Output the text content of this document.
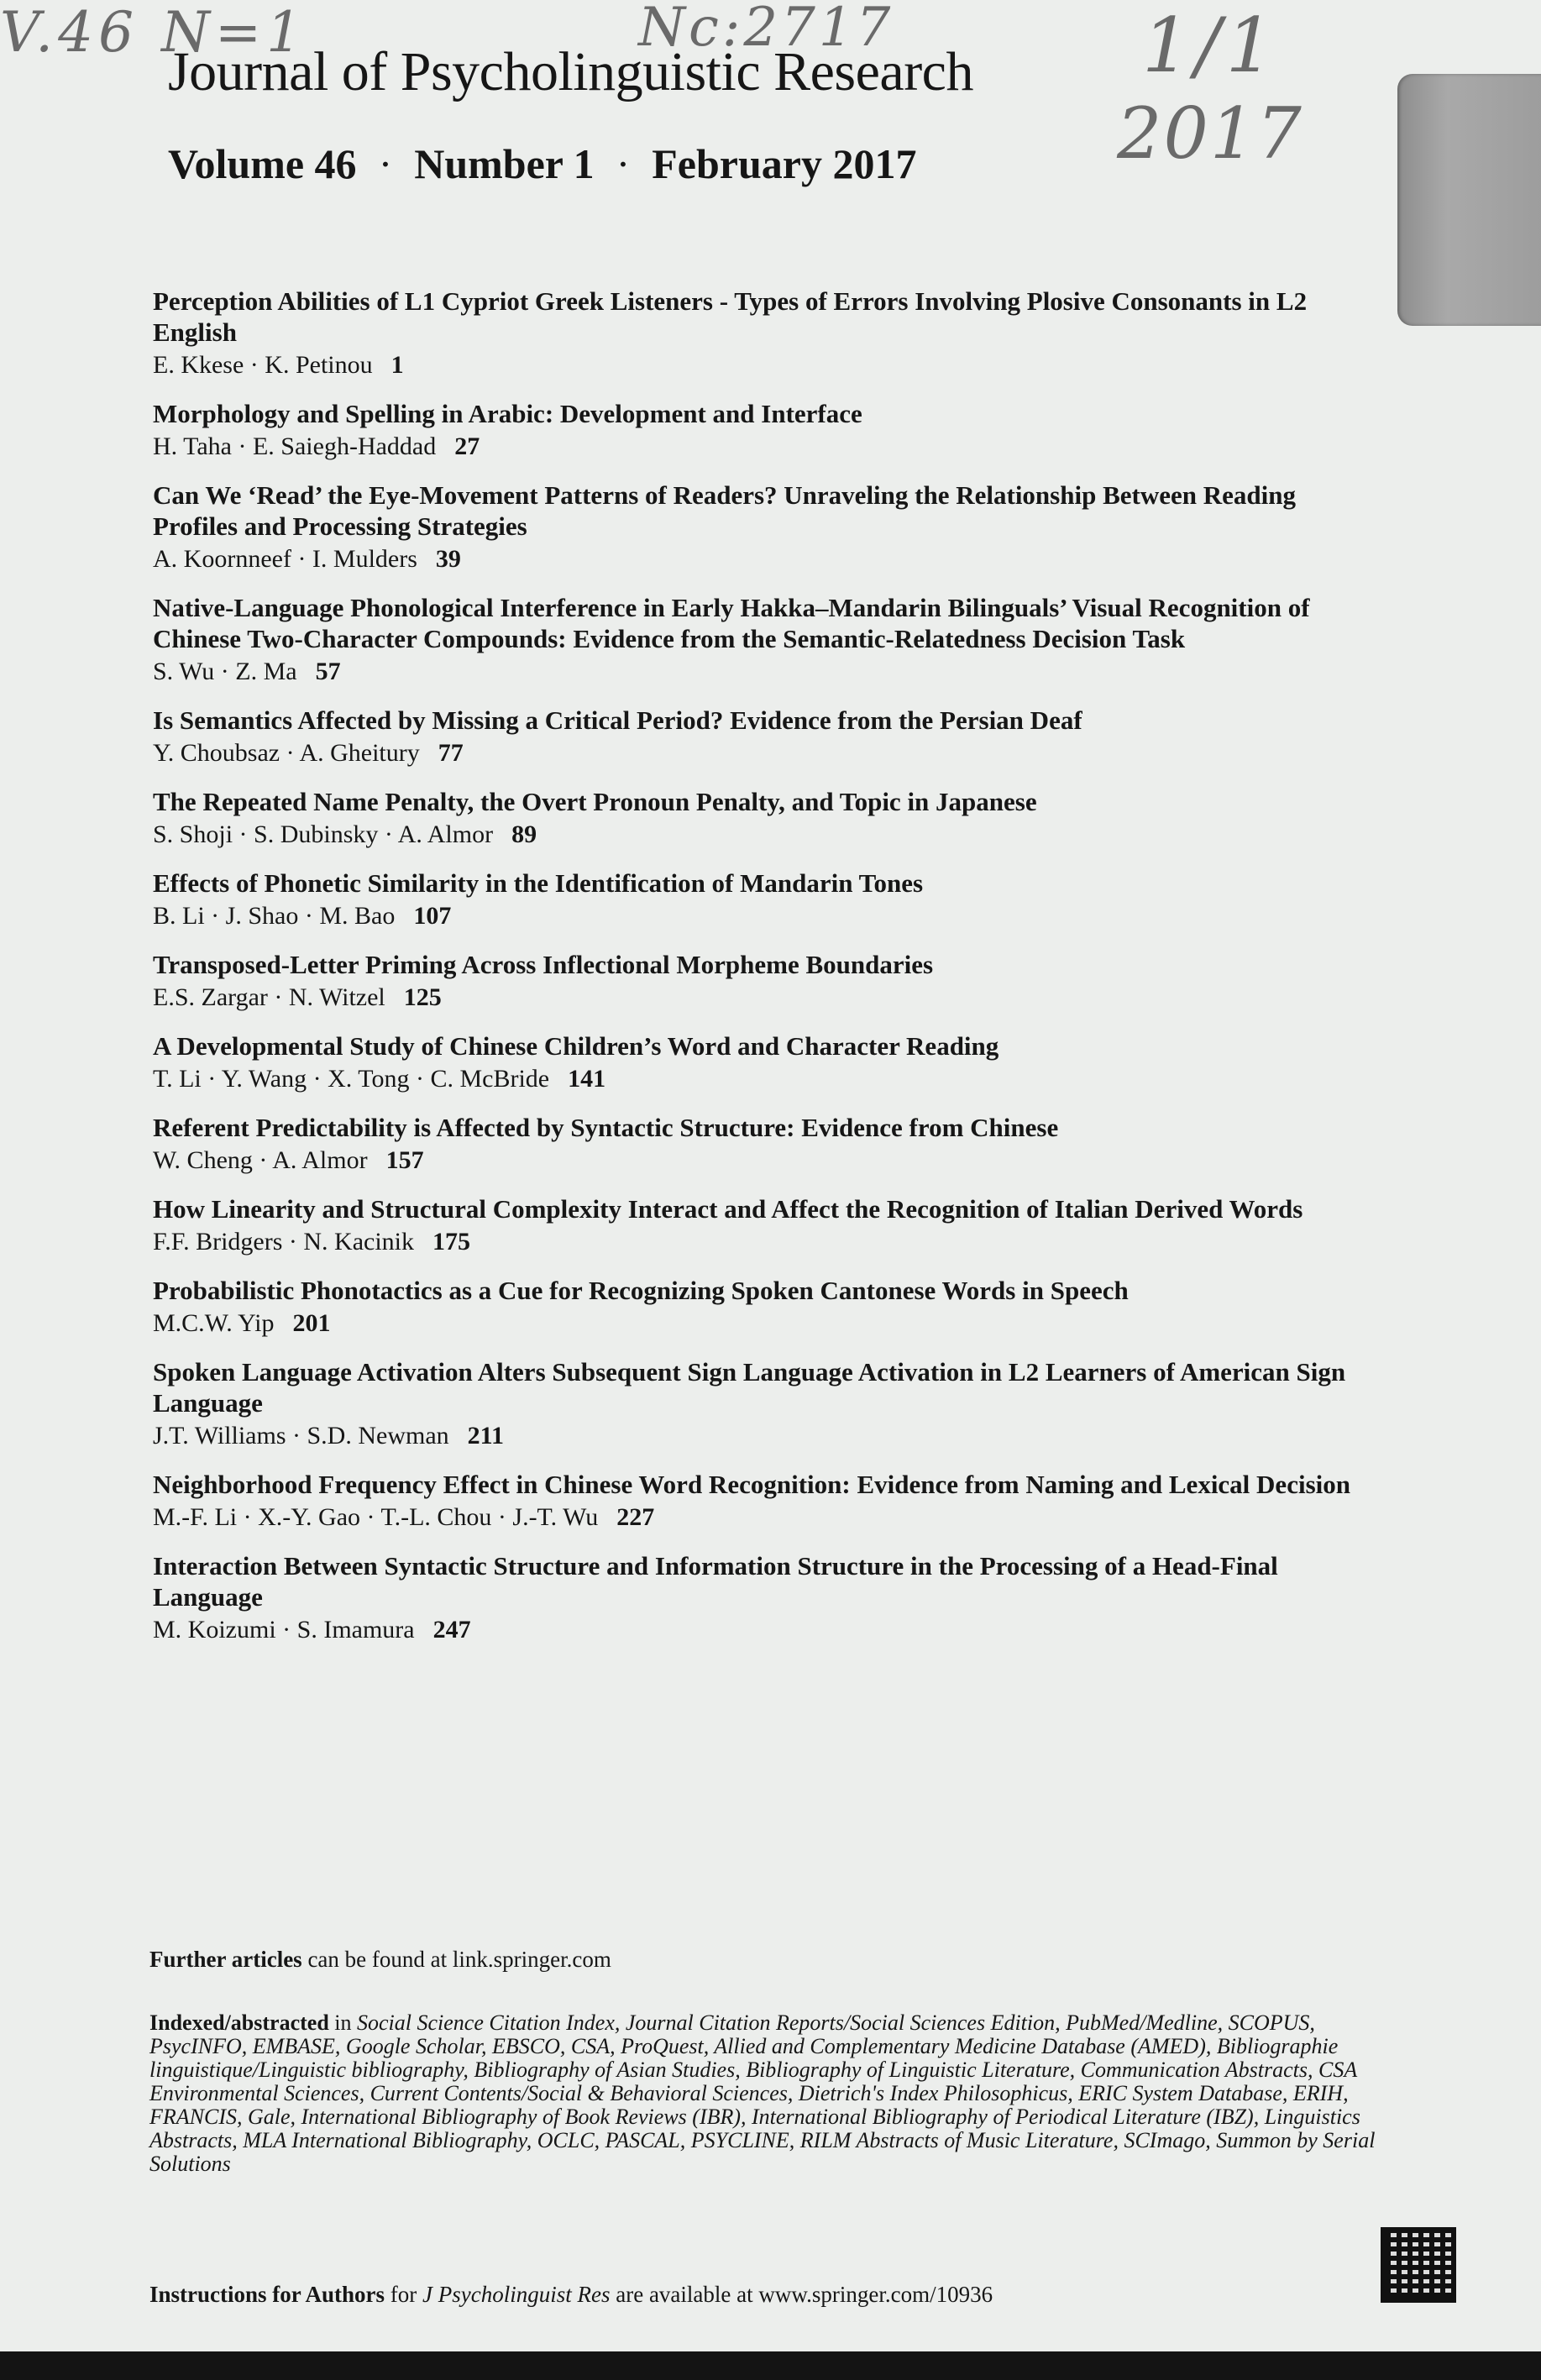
V.46 N=1	Nc:2717	1/1
2017
Journal of Psycholinguistic Research
Volume 46 · Number 1 · February 2017

Perception Abilities of L1 Cypriot Greek Listeners - Types of Errors Involving Plosive Consonants in L2 English

E. Kkese · K. Petinou 1

Morphology and Spelling in Arabic: Development and Interface

H. Taha · E. Saiegh-Haddad 27

Can We ‘Read’ the Eye-Movement Patterns of Readers? Unraveling the Relationship Between Reading Profiles and Processing Strategies

A. Koornneef · I. Mulders 39

Native-Language Phonological Interference in Early Hakka–Mandarin Bilinguals’ Visual Recognition of Chinese Two-Character Compounds: Evidence from the Semantic-Relatedness Decision Task

S. Wu · Z. Ma 57

Is Semantics Affected by Missing a Critical Period? Evidence from the Persian Deaf

Y. Choubsaz · A. Gheitury 77

The Repeated Name Penalty, the Overt Pronoun Penalty, and Topic in Japanese

S. Shoji · S. Dubinsky · A. Almor 89

Effects of Phonetic Similarity in the Identification of Mandarin Tones

B. Li · J. Shao · M. Bao 107

Transposed-Letter Priming Across Inflectional Morpheme Boundaries

E.S. Zargar · N. Witzel 125

A Developmental Study of Chinese Children’s Word and Character Reading

T. Li · Y. Wang · X. Tong · C. McBride 141

Referent Predictability is Affected by Syntactic Structure: Evidence from Chinese

W. Cheng · A. Almor 157

How Linearity and Structural Complexity Interact and Affect the Recognition of Italian Derived Words

F.F. Bridgers · N. Kacinik 175

Probabilistic Phonotactics as a Cue for Recognizing Spoken Cantonese Words in Speech

M.C.W. Yip 201

Spoken Language Activation Alters Subsequent Sign Language Activation in L2 Learners of American Sign Language

J.T. Williams · S.D. Newman 211

Neighborhood Frequency Effect in Chinese Word Recognition: Evidence from Naming and Lexical Decision

M.-F. Li · X.-Y. Gao · T.-L. Chou · J.-T. Wu 227

Interaction Between Syntactic Structure and Information Structure in the Processing of a Head-Final Language

M. Koizumi · S. Imamura 247
Further articles can be found at link.springer.com
Indexed/abstracted in Social Science Citation Index, Journal Citation Reports/Social Sciences Edition, PubMed/Medline, SCOPUS, PsycINFO, EMBASE, Google Scholar, EBSCO, CSA, ProQuest, Allied and Complementary Medicine Database (AMED), Bibliographie linguistique/Linguistic bibliography, Bibliography of Asian Studies, Bibliography of Linguistic Literature, Communication Abstracts, CSA Environmental Sciences, Current Contents/Social & Behavioral Sciences, Dietrich's Index Philosophicus, ERIC System Database, ERIH, FRANCIS, Gale, International Bibliography of Book Reviews (IBR), International Bibliography of Periodical Literature (IBZ), Linguistics Abstracts, MLA International Bibliography, OCLC, PASCAL, PSYCLINE, RILM Abstracts of Music Literature, SCImago, Summon by Serial Solutions
Instructions for Authors for J Psycholinguist Res are available at www.springer.com/10936
